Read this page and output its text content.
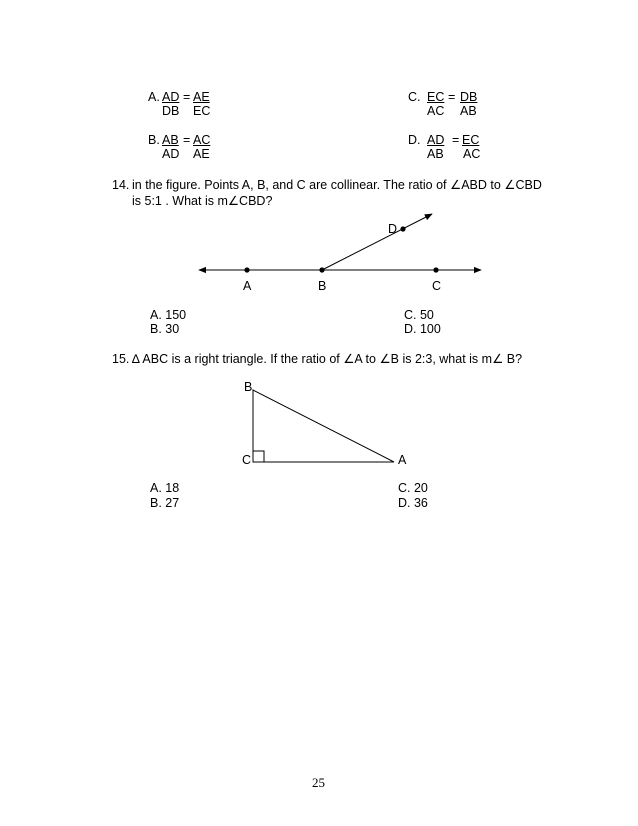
A. AD = AE
DB EC
B. AB = AC
AD AE
C. EC = DB
AC AB
D. AD = EC
AB AC
14. in the figure. Points A, B, and C are collinear. The ratio of ∠ABD to ∠CBD
is 5:1 . What is m∠CBD?
A	B	C
D
A. 150
B. 30
C. 50
D. 100
15. ∆ ABC is a right triangle. If the ratio of ∠A to ∠B is 2:3, what is m∠ B?
B
C	A
A. 18
B. 27
C. 20
D. 36
25
